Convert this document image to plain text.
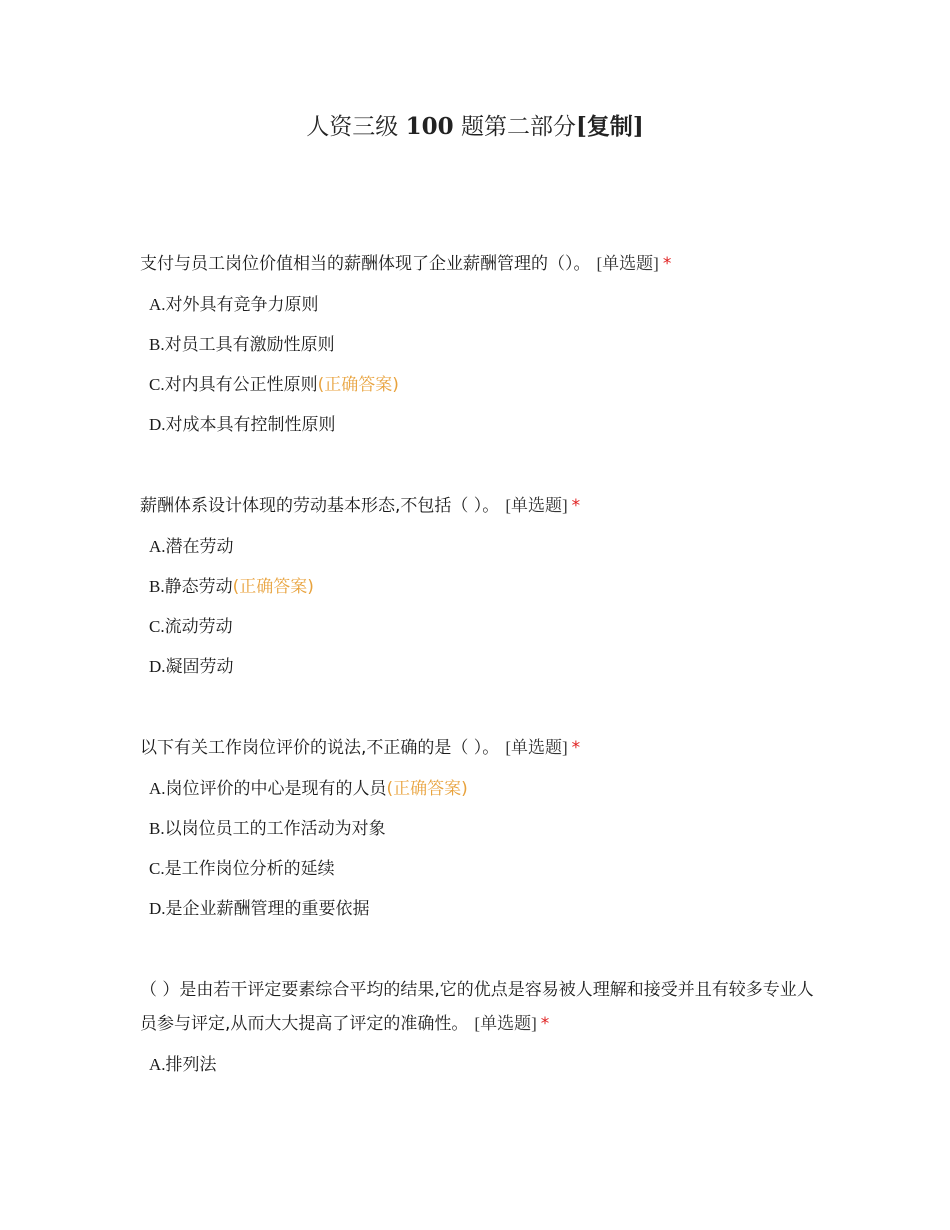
人资三级 100 题第二部分[复制]

支付与员工岗位价值相当的薪酬体现了企业薪酬管理的（）。 [单选题] *

A.对外具有竞争力原则
B.对员工具有激励性原则
C.对内具有公正性原则(正确答案)
D.对成本具有控制性原则

薪酬体系设计体现的劳动基本形态,不包括（ ）。 [单选题] *

A.潜在劳动
B.静态劳动(正确答案)
C.流动劳动
D.凝固劳动

以下有关工作岗位评价的说法,不正确的是（ ）。 [单选题] *

A.岗位评价的中心是现有的人员(正确答案)
B.以岗位员工的工作活动为对象
C.是工作岗位分析的延续
D.是企业薪酬管理的重要依据

（ ）是由若干评定要素综合平均的结果,它的优点是容易被人理解和接受并且有较多专业人员参与评定,从而大大提高了评定的准确性。 [单选题] *

A.排列法
